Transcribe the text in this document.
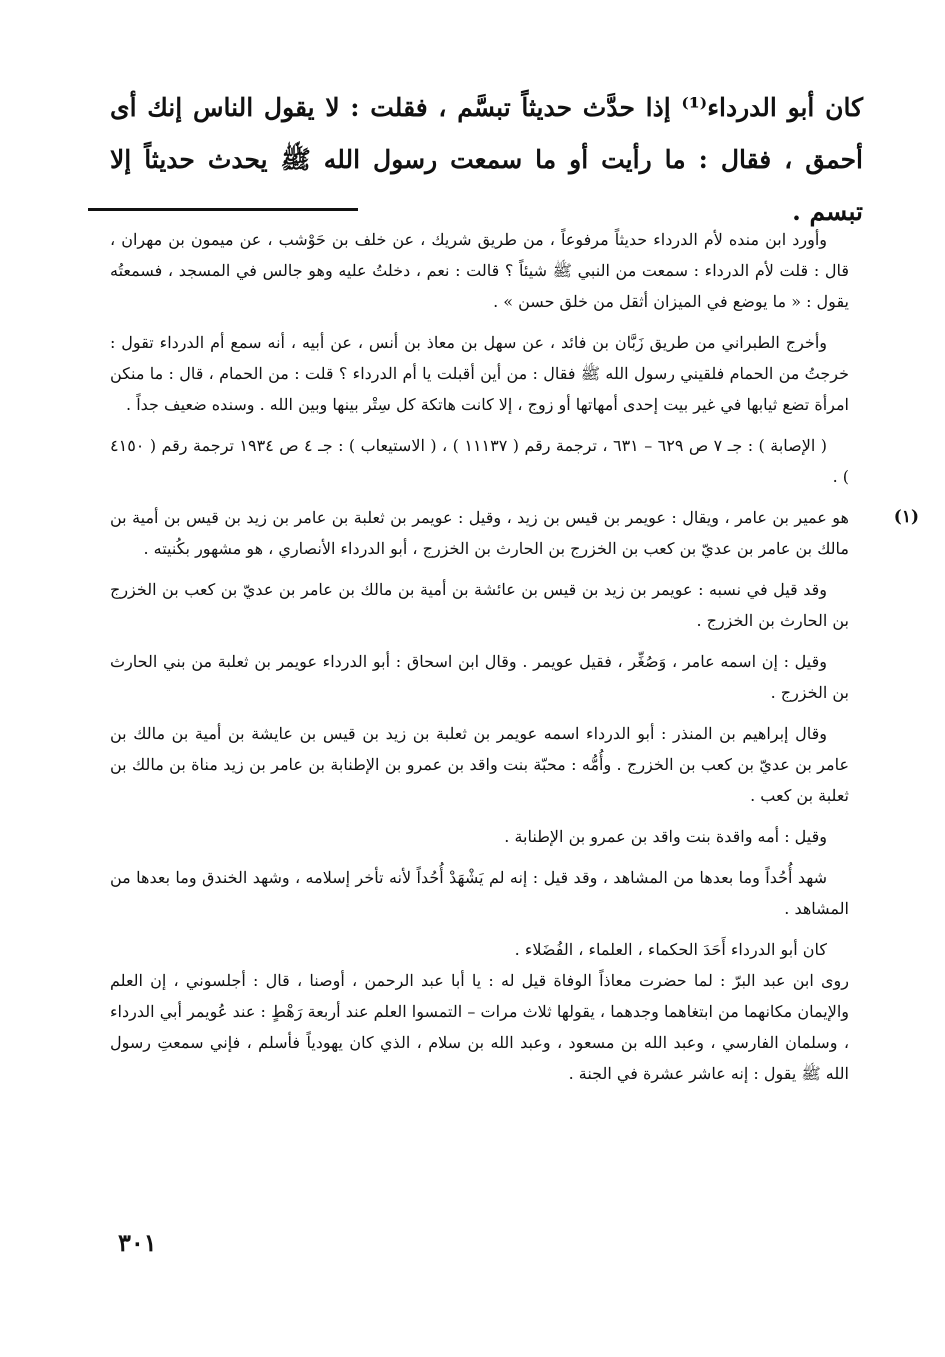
كان أبو الدرداء⁽¹⁾ إذا حدَّث حديثاً تبسَّم ، فقلت : لا يقول الناس إنك أى أحمق ، فقال : ما رأيت أو ما سمعت رسول الله ﷺ يحدث حديثاً إلا تبسم .

وأورد ابن منده لأم الدرداء حديثاً مرفوعاً ، من طريق شريك ، عن خلف بن حَوْشب ، عن ميمون بن مهران ، قال : قلت لأم الدرداء : سمعت من النبي ﷺ شيئاً ؟ قالت : نعم ، دخلتُ عليه وهو جالس في المسجد ، فسمعتُه يقول : « ما يوضع في الميزان أثقل من خلق حسن » .

وأخرج الطبراني من طريق زَبَّان بن فائد ، عن سهل بن معاذ بن أنس ، عن أبيه ، أنه سمع أم الدرداء تقول : خرجتُ من الحمام فلقيني رسول الله ﷺ فقال : من أين أقبلت يا أم الدرداء ؟ قلت : من الحمام ، قال : ما منكن امرأة تضع ثيابها في غير بيت إحدى أمهاتها أو زوج ، إلا كانت هاتكة كل سِتْر بينها وبين الله . وسنده ضعيف جداً .

( الإصابة ) : جـ ٧ ص ٦٢٩ – ٦٣١ ، ترجمة رقم ( ١١١٣٧ ) ، ( الاستيعاب ) : جـ ٤ ص ١٩٣٤ ترجمة رقم ( ٤١٥٠ ) .

(١)

هو عمير بن عامر ، ويقال : عويمر بن قيس بن زيد ، وقيل : عويمر بن ثعلبة بن عامر بن زيد بن قيس بن أمية بن مالك بن عامر بن عديّ بن كعب بن الخزرج بن الحارث بن الخزرج ، أبو الدرداء الأنصاري ، هو مشهور بكُنيته .

وقد قيل في نسبه : عويمر بن زيد بن قيس بن عائشة بن أمية بن مالك بن عامر بن عديّ بن كعب بن الخزرج بن الحارث بن الخزرج .

وقيل : إن اسمه عامر ، وَصُغِّر ، فقيل عويمر . وقال ابن اسحاق : أبو الدرداء عويمر بن ثعلبة من بني الحارث بن الخزرج .

وقال إبراهيم بن المنذر : أبو الدرداء اسمه عويمر بن ثعلبة بن زيد بن قيس بن عايشة بن أمية بن مالك بن عامر بن عديّ بن كعب بن الخزرج . وأُمُّه : محبّة بنت واقد بن عمرو بن الإطنابة بن عامر بن زيد مناة بن مالك بن ثعلبة بن كعب .

وقيل : أمه واقدة بنت واقد بن عمرو بن الإطنابة .

شهد أُحُداً وما بعدها من المشاهد ، وقد قيل : إنه لم يَشْهَدْ أُحُداً لأنه تأخر إسلامه ، وشهد الخندق وما بعدها من المشاهد .

كان أبو الدرداء أَحَدَ الحكماء ، العلماء ، الفُضَلاء .

روى ابن عبد البرّ : لما حضرت معاذاً الوفاة قيل له : يا أبا عبد الرحمن ، أوصنا ، قال : أجلسوني ، إن العلم والإيمان مكانهما من ابتغاهما وجدهما ، يقولها ثلاث مرات – التمسوا العلم عند أربعة رَهْطٍ : عند عُويمر أبي الدرداء ، وسلمان الفارسي ، وعبد الله بن مسعود ، وعبد الله بن سلام ، الذي كان يهودياً فأسلم ، فإني سمعتِ رسول الله ﷺ يقول : إنه عاشر عشرة في الجنة .

٣٠١
